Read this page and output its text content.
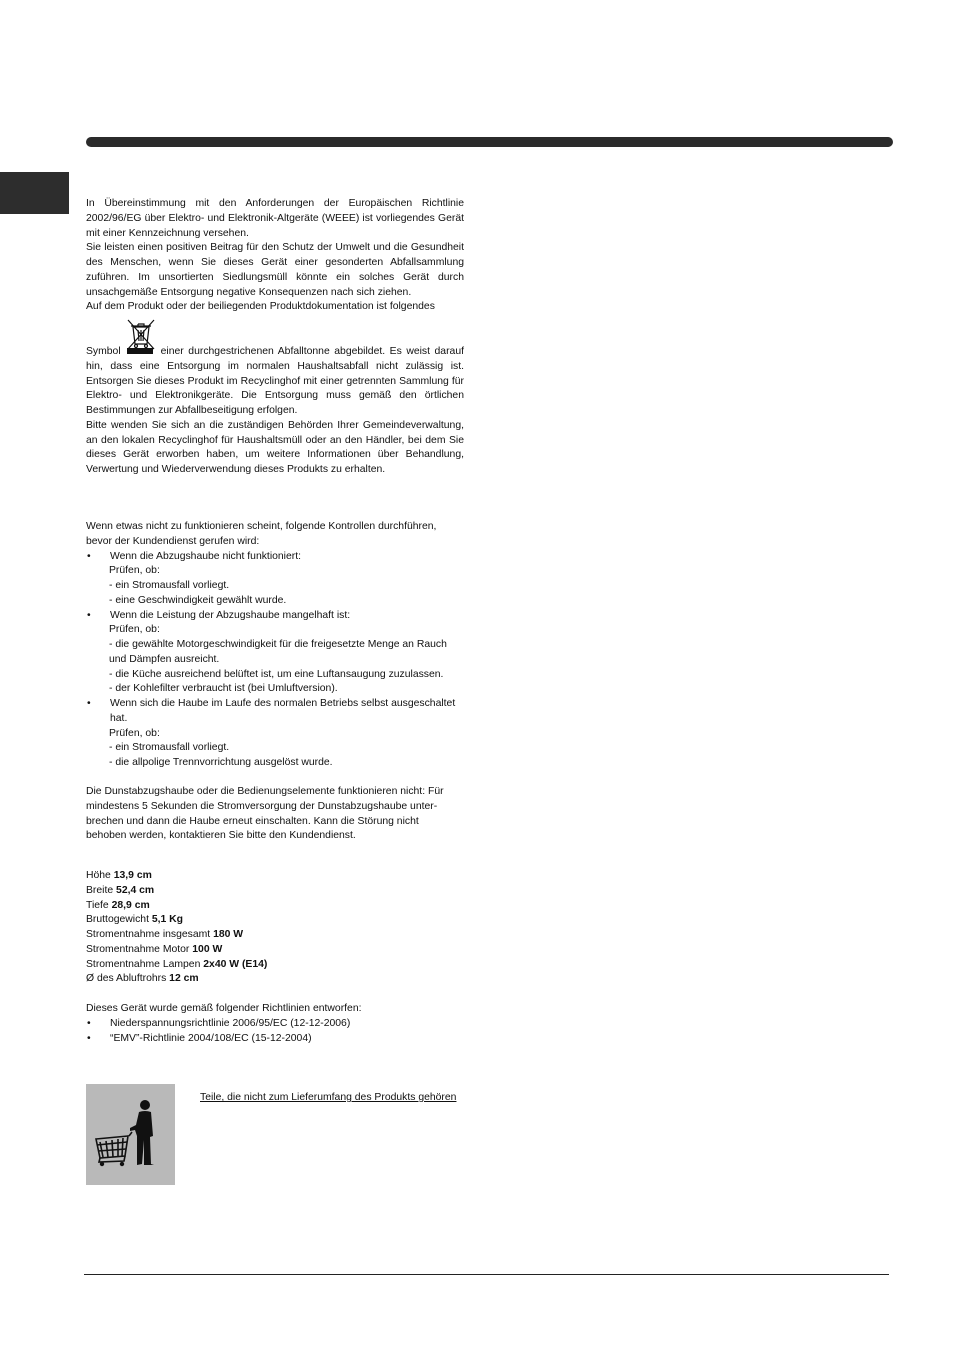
In Übereinstimmung mit den Anforderungen der Europäischen Richtlinie 2002/96/EG über Elektro- und Elektronik-Altgeräte (WEEE) ist vorliegendes Gerät mit einer Kennzeichnung versehen.

Sie leisten einen positiven Beitrag für den Schutz der Umwelt und die Gesundheit des Menschen, wenn Sie dieses Gerät einer gesonderten Abfallsammlung zuführen. Im unsortierten Siedlungsmüll könnte ein solches Gerät durch unsachgemäße Entsorgung negative Konsequenzen nach sich ziehen.

Auf dem Produkt oder der beiliegenden Produktdokumentation ist folgendes

Symbol	einer durchgestrichenen Abfalltonne abgebildet. Es weist darauf hin, dass eine Entsorgung im normalen Haushaltsabfall nicht zulässig ist. Entsorgen Sie dieses Produkt im Recyclinghof mit einer getrennten Sammlung für Elektro- und Elektronikgeräte. Die Entsorgung muss gemäß den örtlichen Bestimmungen zur Abfallbeseitigung erfolgen.

Bitte wenden Sie sich an die zuständigen Behörden Ihrer Gemeindeverwaltung, an den lokalen Recyclinghof für Haushaltsmüll oder an den Händler, bei dem Sie dieses Gerät erworben haben, um weitere Informationen über Behandlung, Verwertung und Wiederverwendung dieses Produkts zu erhalten.

Wenn etwas nicht zu funktionieren scheint, folgende Kontrollen durchführen,

bevor der Kundendienst gerufen wird:

•	Wenn die Abzugshaube nicht funktioniert:

Prüfen, ob:

- ein Stromausfall vorliegt.

- eine Geschwindigkeit gewählt wurde.

•	Wenn die Leistung der Abzugshaube mangelhaft ist:

Prüfen, ob:

- die gewählte Motorgeschwindigkeit für die freigesetzte Menge an Rauch und Dämpfen ausreicht.

- die Küche ausreichend belüftet ist, um eine Luftansaugung zuzulassen.

- der Kohlefilter verbraucht ist (bei Umluftversion).

•	Wenn sich die Haube im Laufe des normalen Betriebs selbst ausgeschaltet hat.

Prüfen, ob:

- ein Stromausfall vorliegt.

- die allpolige Trennvorrichtung ausgelöst wurde.

Die Dunstabzugshaube oder die Bedienungselemente funktionieren nicht: Für

mindestens 5 Sekunden die Stromversorgung der Dunstabzugshaube unter-

brechen und dann die Haube erneut einschalten. Kann die Störung nicht

behoben werden, kontaktieren Sie bitte den Kundendienst.

Höhe 13,9 cm

Breite 52,4 cm

Tiefe 28,9 cm

Bruttogewicht 5,1 Kg

Stromentnahme insgesamt 180 W

Stromentnahme Motor 100 W

Stromentnahme Lampen 2x40 W (E14)

Ø des Abluftrohrs 12 cm

Dieses Gerät wurde gemäß folgender Richtlinien entworfen:

•	Niederspannungsrichtlinie 2006/95/EC (12-12-2006)
•	“EMV”-Richtlinie 2004/108/EC (15-12-2004)
Teile, die nicht zum Lieferumfang des Produkts gehören
